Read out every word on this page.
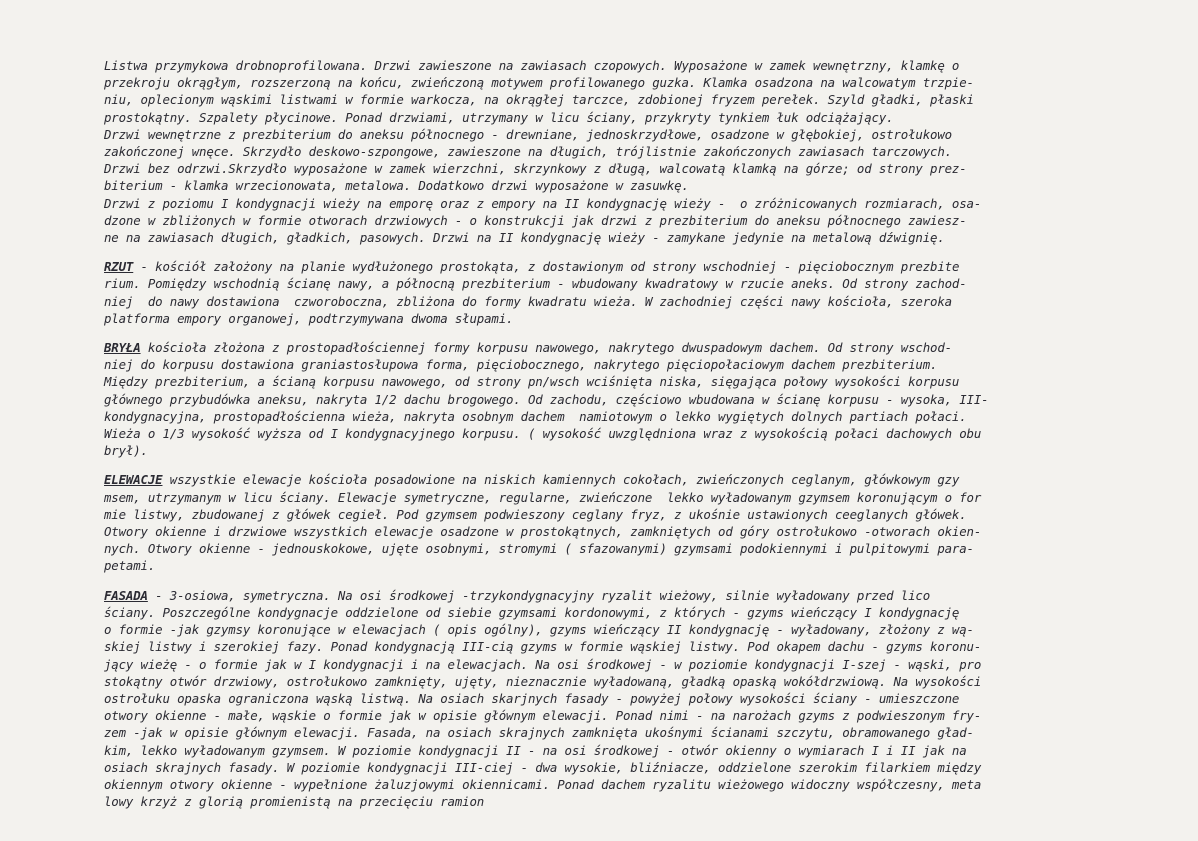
Listwa przymykowa drobnoprofilowana. Drzwi zawieszone na zawiasach czopowych. Wyposażone w zamek wewnętrzny, klamkę o
przekroju okrągłym, rozszerzoną na końcu, zwieńczoną motywem profilowanego guzka. Klamka osadzona na walcowatym trzpie-
niu, oplecionym wąskimi listwami w formie warkocza, na okrągłej tarczce, zdobionej fryzem perełek. Szyld gładki, płaski
prostokątny. Szpalety płycinowe. Ponad drzwiami, utrzymany w licu ściany, przykryty tynkiem łuk odciążający.
Drzwi wewnętrzne z prezbiterium do aneksu północnego - drewniane, jednoskrzydłowe, osadzone w głębokiej, ostrołukowo
zakończonej wnęce. Skrzydło deskowo-szpongowe, zawieszone na długich, trójlistnie zakończonych zawiasach tarczowych.
Drzwi bez odrzwi.Skrzydło wyposażone w zamek wierzchni, skrzynkowy z długą, walcowatą klamką na górze; od strony prez-
biterium - klamka wrzecionowata, metalowa. Dodatkowo drzwi wyposażone w zasuwkę.
Drzwi z poziomu I kondygnacji wieży na emporę oraz z empory na II kondygnację wieży -  o zróżnicowanych rozmiarach, osa-
dzone w zbliżonych w formie otworach drzwiowych - o konstrukcji jak drzwi z prezbiterium do aneksu północnego zawiesz-
ne na zawiasach długich, gładkich, pasowych. Drzwi na II kondygnację wieży - zamykane jedynie na metalową dźwignię.
RZUT - kościół założony na planie wydłużonego prostokąta, z dostawionym od strony wschodniej - pięciobocznym prezbite
rium. Pomiędzy wschodnią ścianę nawy, a północną prezbiterium - wbudowany kwadratowy w rzucie aneks. Od strony zachod-
niej  do nawy dostawiona  czworoboczna, zbliżona do formy kwadratu wieża. W zachodniej części nawy kościoła, szeroka
platforma empory organowej, podtrzymywana dwoma słupami.
BRYŁA kościoła złożona z prostopadłościennej formy korpusu nawowego, nakrytego dwuspadowym dachem. Od strony wschod-
niej do korpusu dostawiona graniastosłupowa forma, pięciobocznego, nakrytego pięciopołaciowym dachem prezbiterium.
Między prezbiterium, a ścianą korpusu nawowego, od strony pn/wsch wciśnięta niska, sięgająca połowy wysokości korpusu
głównego przybudówka aneksu, nakryta 1/2 dachu brogowego. Od zachodu, częściowo wbudowana w ścianę korpusu - wysoka, III-
kondygnacyjna, prostopadłościenna wieża, nakryta osobnym dachem  namiotowym o lekko wygiętych dolnych partiach połaci.
Wieża o 1/3 wysokość wyższa od I kondygnacyjnego korpusu. ( wysokość uwzględniona wraz z wysokością połaci dachowych obu
brył).
ELEWACJE wszystkie elewacje kościoła posadowione na niskich kamiennych cokołach, zwieńczonych ceglanym, główkowym gzy
msem, utrzymanym w licu ściany. Elewacje symetryczne, regularne, zwieńczone  lekko wyładowanym gzymsem koronującym o for
mie listwy, zbudowanej z główek cegieł. Pod gzymsem podwieszony ceglany fryz, z ukośnie ustawionych ceeglanych główek.
Otwory okienne i drzwiowe wszystkich elewacje osadzone w prostokątnych, zamkniętych od góry ostrołukowo -otworach okien-
nych. Otwory okienne - jednouskokowe, ujęte osobnymi, stromymi ( sfazowanymi) gzymsami podokiennymi i pulpitowymi para-
petami.
FASADA - 3-osiowa, symetryczna. Na osi środkowej -trzykondygnacyjny ryzalit wieżowy, silnie wyładowany przed lico
ściany. Poszczególne kondygnacje oddzielone od siebie gzymsami kordonowymi, z których - gzyms wieńczący I kondygnację
o formie -jak gzymsy koronujące w elewacjach ( opis ogólny), gzyms wieńczący II kondygnację - wyładowany, złożony z wą-
skiej listwy i szerokiej fazy. Ponad kondygnacją III-cią gzyms w formie wąskiej listwy. Pod okapem dachu - gzyms koronu-
jący wieżę - o formie jak w I kondygnacji i na elewacjach. Na osi środkowej - w poziomie kondygnacji I-szej - wąski, pro
stokątny otwór drzwiowy, ostrołukowo zamknięty, ujęty, nieznacznie wyładowaną, gładką opaską wokółdrzwiową. Na wysokości
ostrołuku opaska ograniczona wąską listwą. Na osiach skarjnych fasady - powyżej połowy wysokości ściany - umieszczone
otwory okienne - małe, wąskie o formie jak w opisie głównym elewacji. Ponad nimi - na narożach gzyms z podwieszonym fry-
zem -jak w opisie głównym elewacji. Fasada, na osiach skrajnych zamknięta ukośnymi ścianami szczytu, obramowanego gład-
kim, lekko wyładowanym gzymsem. W poziomie kondygnacji II - na osi środkowej - otwór okienny o wymiarach I i II jak na
osiach skrajnych fasady. W poziomie kondygnacji III-ciej - dwa wysokie, bliźniacze, oddzielone szerokim filarkiem między
okiennym otwory okienne - wypełnione żaluzjowymi okiennicami. Ponad dachem ryzalitu wieżowego widoczny współczesny, meta
lowy krzyż z glorią promienistą na przecięciu ramion
